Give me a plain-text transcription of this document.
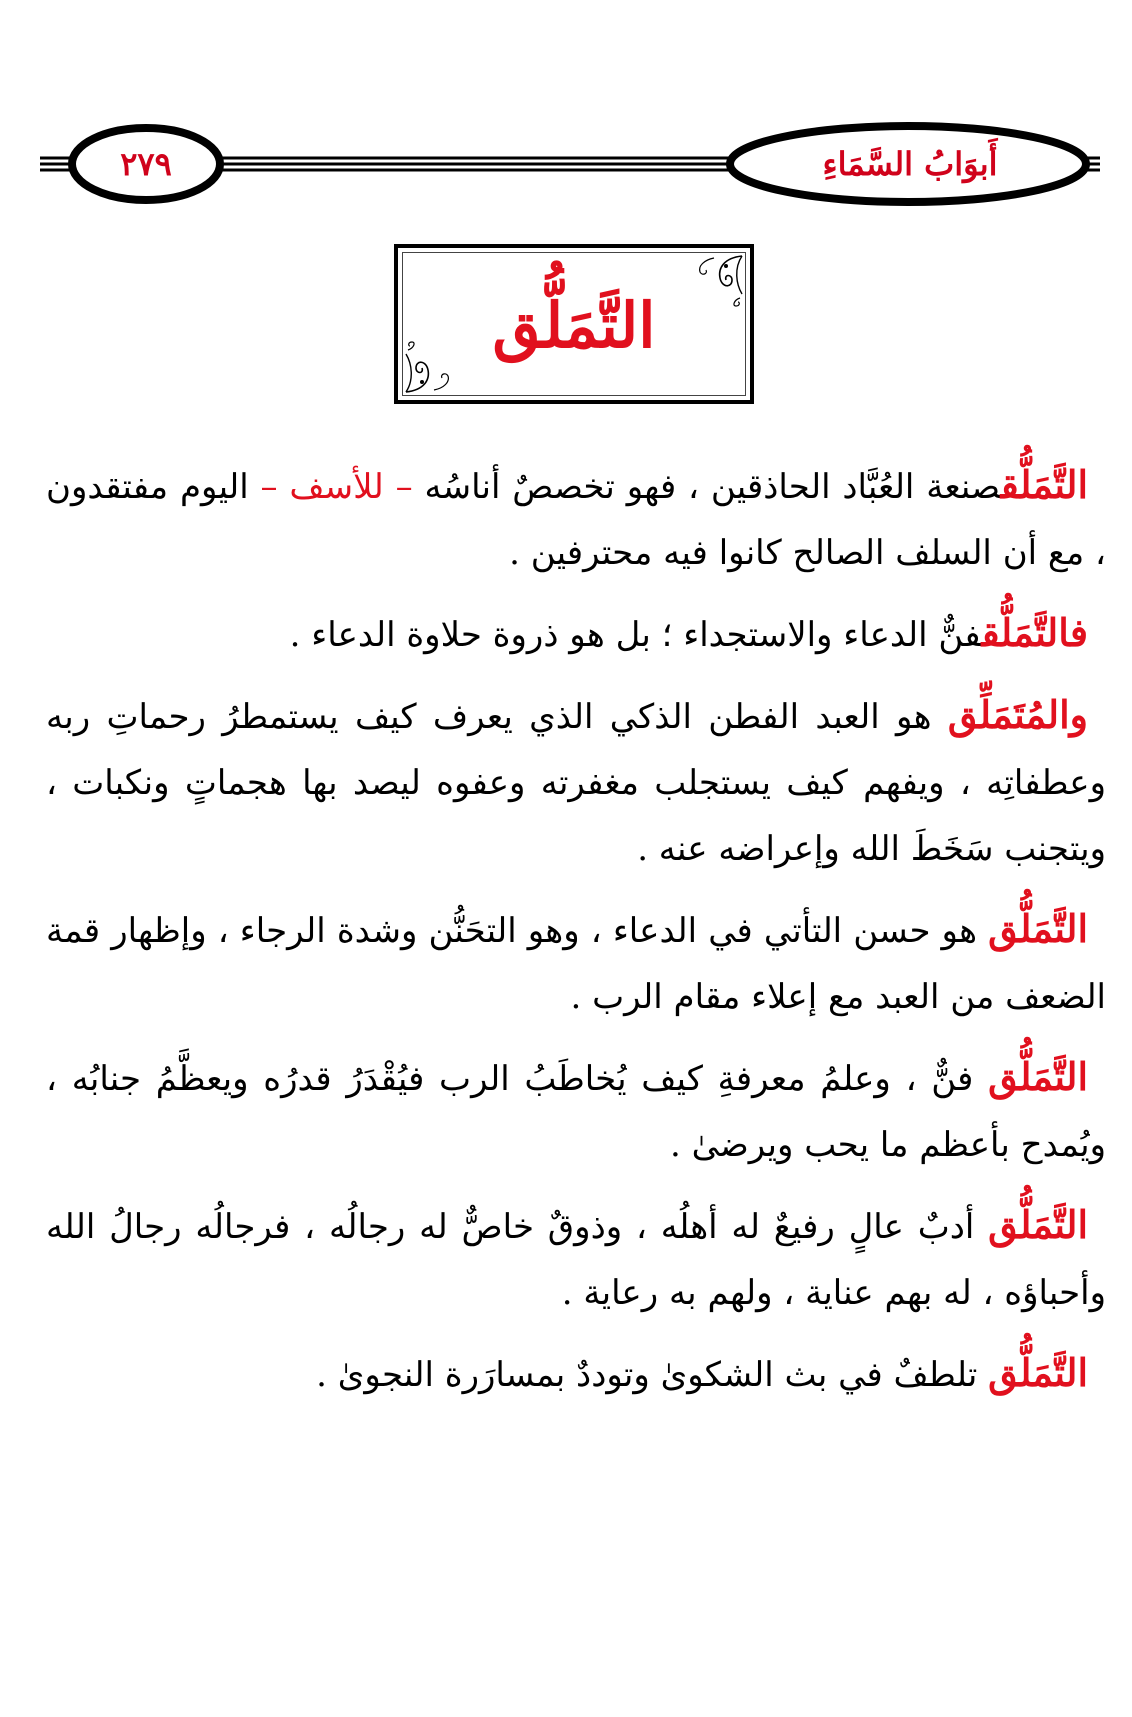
٢٧٩	أَبوَابُ السَّمَاءِ
التَّمَلُّق

التَّمَلُّقصنعة العُبَّاد الحاذقين ، فهو تخصصٌ أناسُه – للأسف – اليوم مفتقدون ، مع أن السلف الصالح كانوا فيه محترفين .

فالتَّمَلُّقفنٌّ الدعاء والاستجداء ؛ بل هو ذروة حلاوة الدعاء .

والمُتَمَلِّق هو العبد الفطن الذكي الذي يعرف كيف يستمطرُ رحماتِ ربه وعطفاتِه ، ويفهم كيف يستجلب مغفرته وعفوه ليصد بها هجماتٍ ونكبات ، ويتجنب سَخَطَ الله وإعراضه عنه .

التَّمَلُّق هو حسن التأتي في الدعاء ، وهو التحَنُّن وشدة الرجاء ، وإظهار قمة الضعف من العبد مع إعلاء مقام الرب .

التَّمَلُّق فنٌّ ، وعلمُ معرفةِ كيف يُخاطَبُ الرب فيُقْدَرُ قدرُه ويعظَّمُ جنابُه ، ويُمدح بأعظم ما يحب ويرضىٰ .

التَّمَلُّق أدبٌ عالٍ رفيعٌ له أهلُه ، وذوقٌ خاصٌّ له رجالُه ، فرجالُه رجالُ الله وأحباؤه ، له بهم عناية ، ولهم به رعاية .

التَّمَلُّق تلطفٌ في بث الشكوىٰ وتوددٌ بمسارَرة النجوىٰ .
